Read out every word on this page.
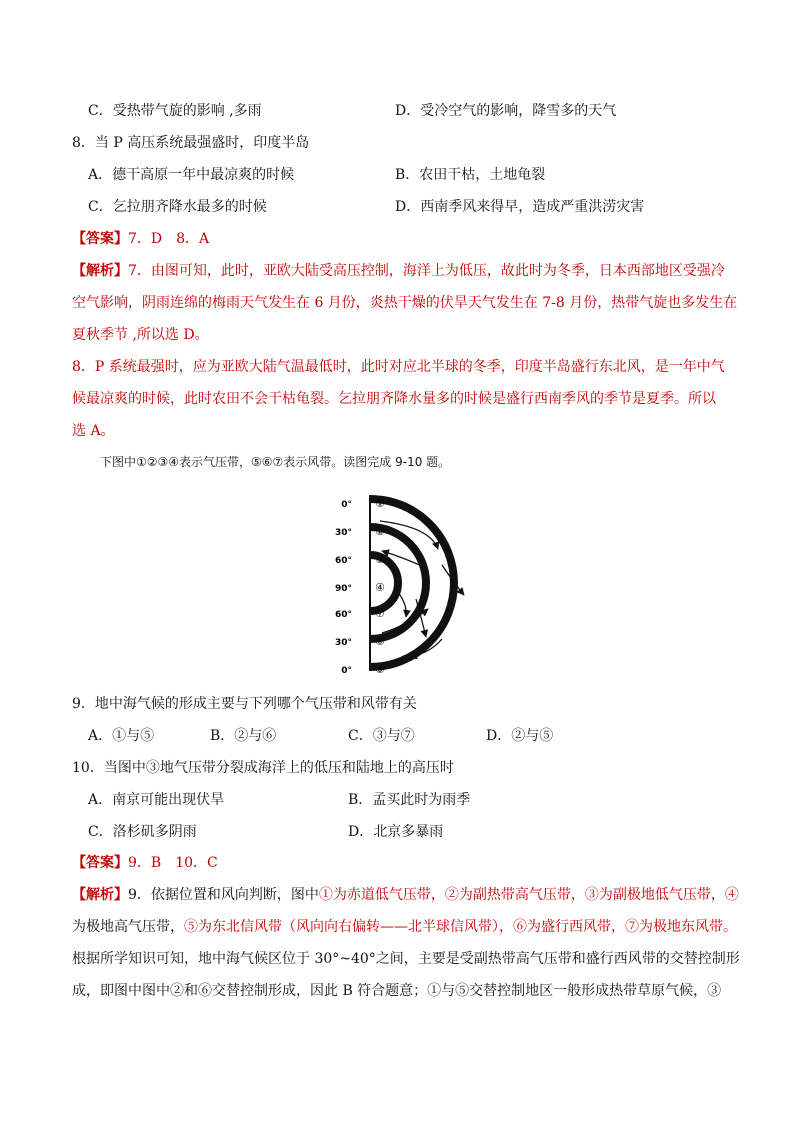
C．受热带气旋的影响 ,多雨	D．受冷空气的影响，降雪多的天气
8．当 P 高压系统最强盛时，印度半岛
A．德干高原一年中最凉爽的时候	B．农田干枯，土地龟裂
C．乞拉朋齐降水最多的时候	D．西南季风来得早，造成严重洪涝灾害
【答案】7．D　8．A
【解析】7．由图可知，此时，亚欧大陆受高压控制，海洋上为低压，故此时为冬季，日本西部地区受强冷
空气影响，阴雨连绵的梅雨天气发生在 6 月份，炎热干燥的伏旱天气发生在 7-8 月份，热带气旋也多发生在
夏秋季节 ,所以选 D。
8．P 系统最强时，应为亚欧大陆气温最低时，此时对应北半球的冬季，印度半岛盛行东北风，是一年中气
候最凉爽的时候，此时农田不会干枯龟裂。乞拉朋齐降水量多的时候是盛行西南季风的季节是夏季。所以
选 A。
下图中①②③④表示气压带，⑤⑥⑦表示风带。读图完成 9-10 题。
0°
30°
60°
90°
60°
30°
0°
①
②
③
④
⑦
⑥
⑤
9．地中海气候的形成主要与下列哪个气压带和风带有关
A．①与⑤	B．②与⑥	C．③与⑦	D．②与⑤
10．当图中③地气压带分裂成海洋上的低压和陆地上的高压时
A．南京可能出现伏旱	B．孟买此时为雨季
C．洛杉矶多阴雨	D．北京多暴雨
【答案】9．B　10．C
【解析】9．依据位置和风向判断，图中①为赤道低气压带，②为副热带高气压带，③为副极地低气压带，④
为极地高气压带，⑤为东北信风带（风向向右偏转——北半球信风带），⑥为盛行西风带，⑦为极地东风带。
根据所学知识可知，地中海气候区位于 30°~40°之间，主要是受副热带高气压带和盛行西风带的交替控制形
成，即图中图中②和⑥交替控制形成，因此 B 符合题意；①与⑤交替控制地区一般形成热带草原气候，③
